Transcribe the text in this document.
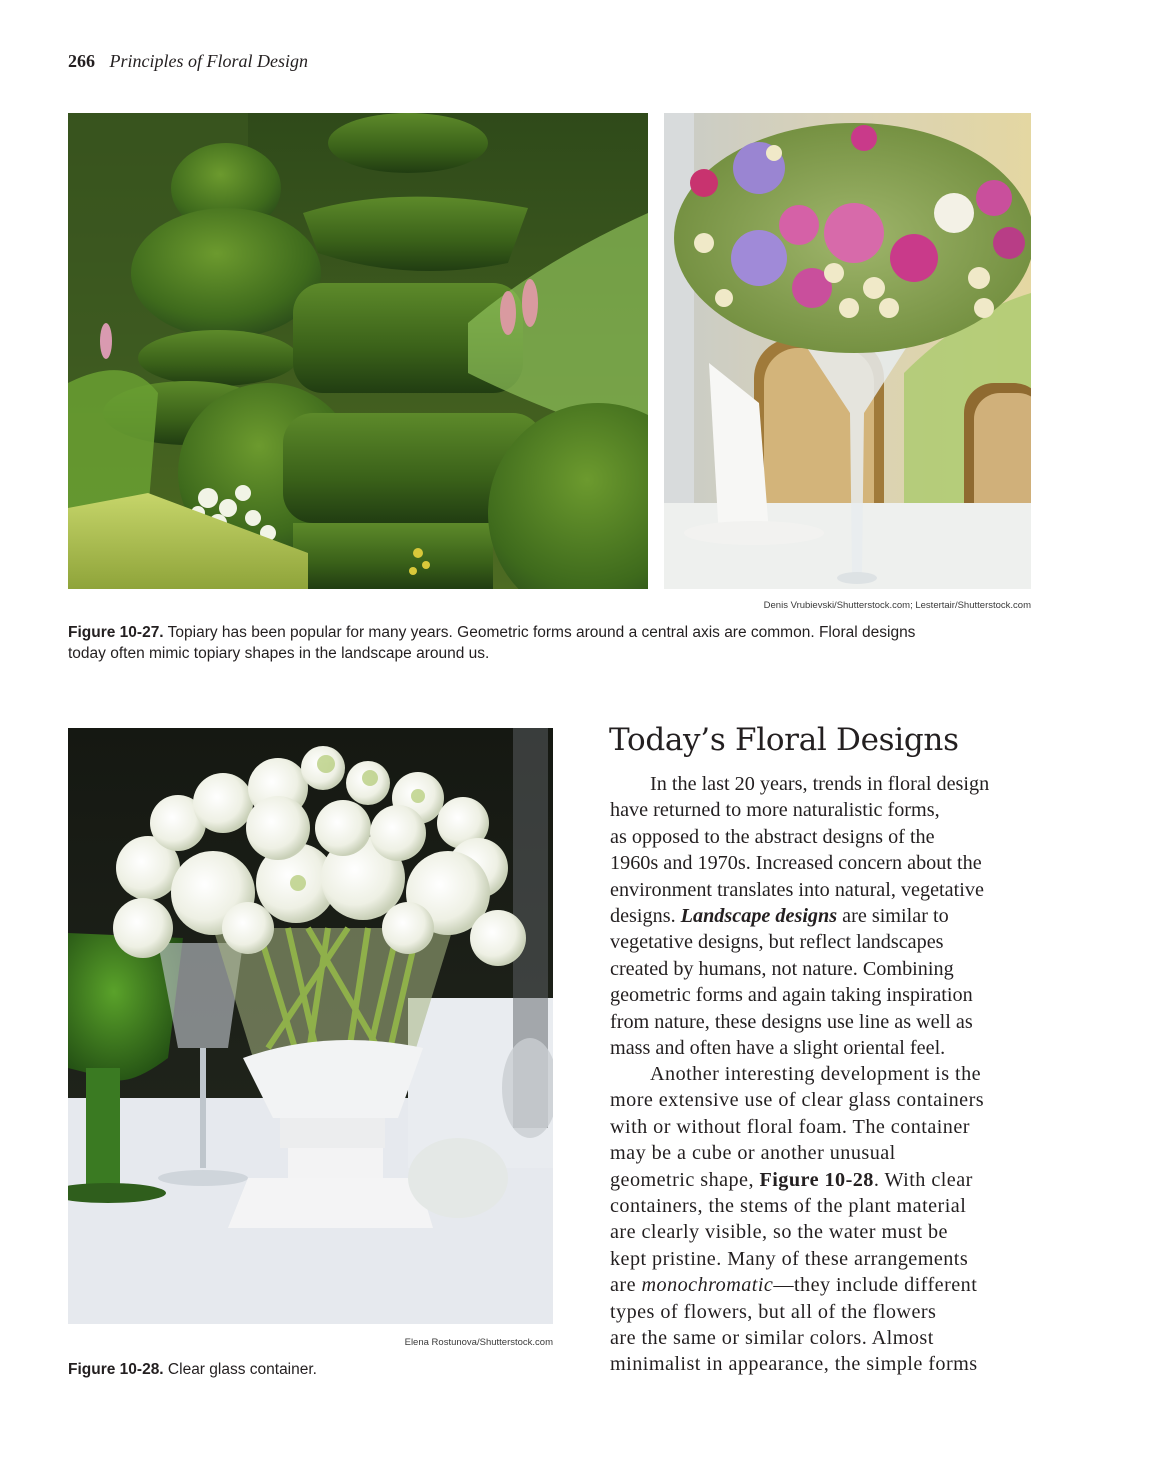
266 Principles of Floral Design
Denis Vrubievski/Shutterstock.com; Lestertair/Shutterstock.com
Figure 10-27. Topiary has been popular for many years. Geometric forms around a central axis are common. Floral designs
today often mimic topiary shapes in the landscape around us.
Elena Rostunova/Shutterstock.com
Figure 10-28. Clear glass container.
Today’s Floral Designs
In the last 20 years, trends in floral design
have returned to more naturalistic forms,
as opposed to the abstract designs of the
1960s and 1970s. Increased concern about the
environment translates into natural, vegetative
designs. Landscape designs are similar to
vegetative designs, but reflect landscapes
created by humans, not nature. Combining
geometric forms and again taking inspiration
from nature, these designs use line as well as
mass and often have a slight oriental feel.
Another interesting development is the
more extensive use of clear glass containers
with or without floral foam. The container
may be a cube or another unusual
geometric shape, Figure 10-28. With clear
containers, the stems of the plant material
are clearly visible, so the water must be
kept pristine. Many of these arrangements
are monochromatic—they include different
types of flowers, but all of the flowers
are the same or similar colors. Almost
minimalist in appearance, the simple forms
